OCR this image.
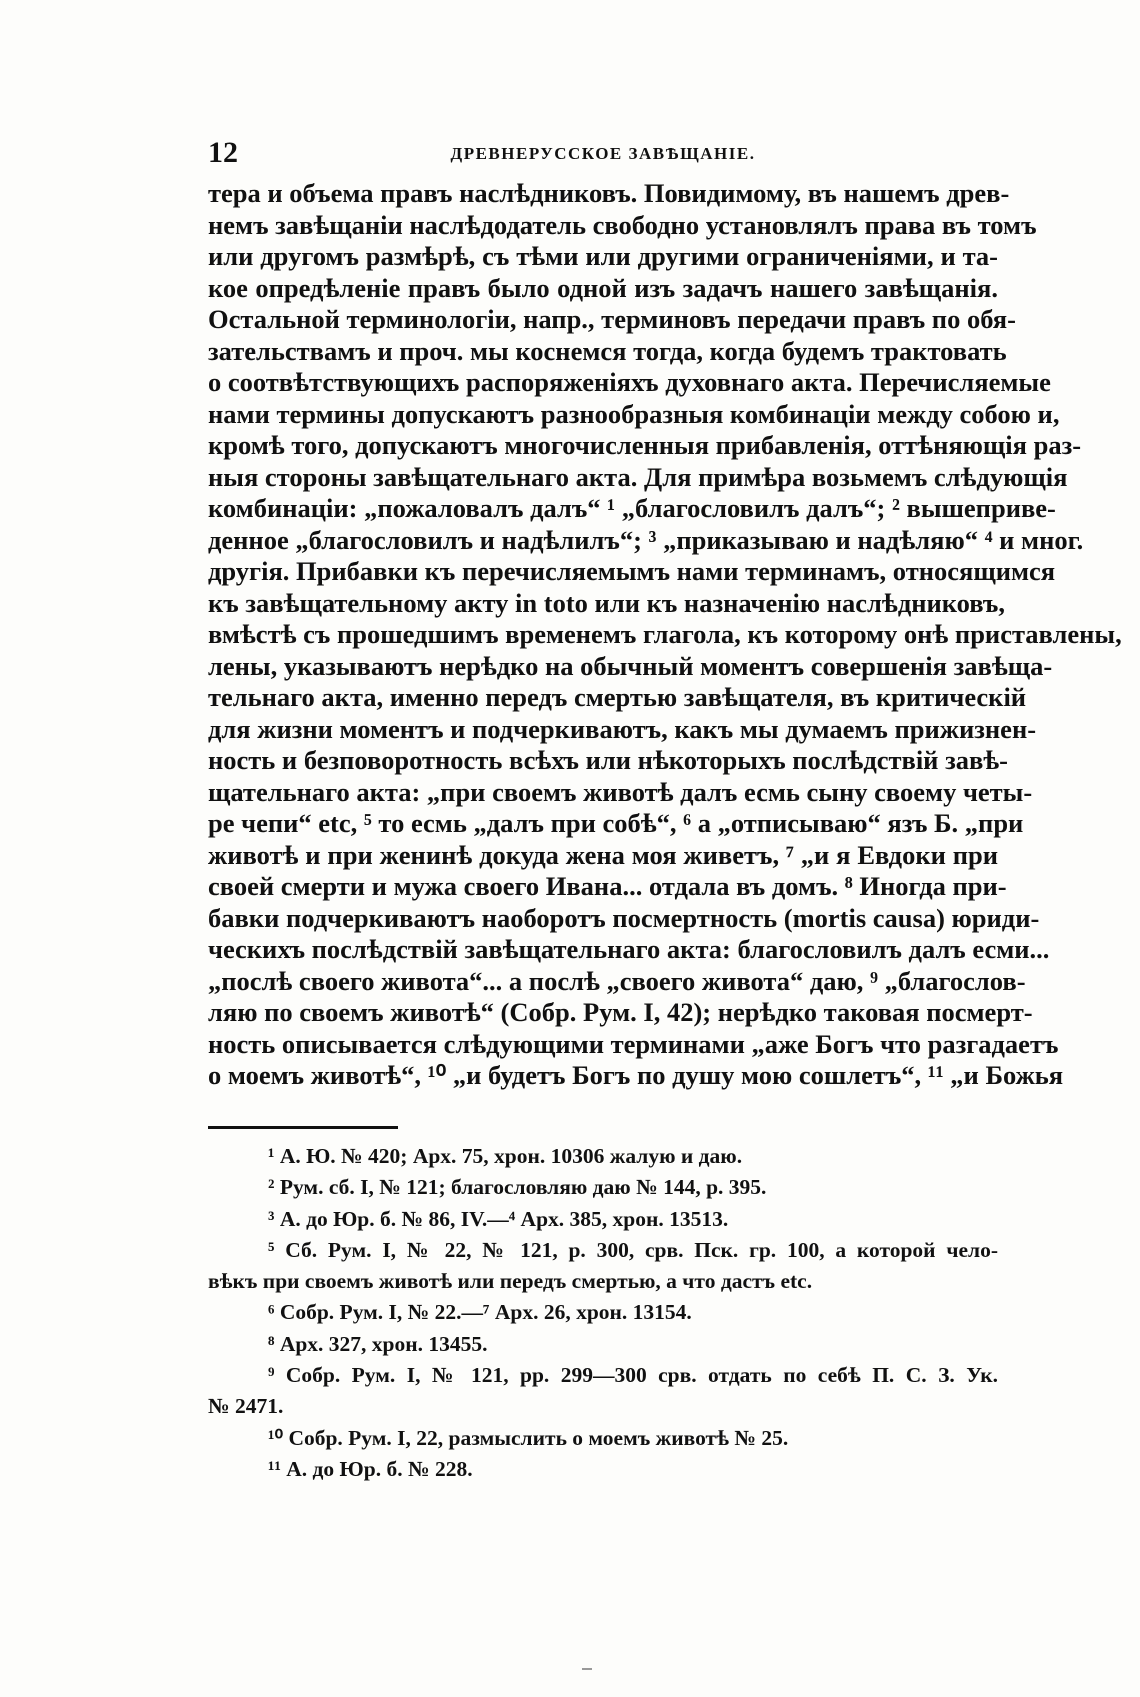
12	ДРЕВНЕРУССКОЕ ЗАВѢЩАНІЕ.
тера и объема правъ наслѣдниковъ. Повидимому, въ нашемъ древ-
немъ завѣщаніи наслѣдодатель свободно установлялъ права въ томъ
или другомъ размѣрѣ, съ тѣми или другими ограниченіями, и та-
кое опредѣленіе правъ было одной изъ задачъ нашего завѣщанія.
Остальной терминологіи, напр., терминовъ передачи правъ по обя-
зательствамъ и проч. мы коснемся тогда, когда будемъ трактовать
о соотвѣтствующихъ распоряженіяхъ духовнаго акта. Перечисляемые
нами термины допускаютъ разнообразныя комбинаціи между собою и,
кромѣ того, допускаютъ многочисленныя прибавленія, оттѣняющія раз-
ныя стороны завѣщательнаго акта. Для примѣра возьмемъ слѣдующія
комбинаціи: „пожаловалъ далъ“ ¹ „благословилъ далъ“; ² вышеприве-
денное „благословилъ и надѣлилъ“; ³ „приказываю и надѣляю“ ⁴ и мног.
другія. Прибавки къ перечисляемымъ нами терминамъ, относящимся
къ завѣщательному акту in toto или къ назначенію наслѣдниковъ,
вмѣстѣ съ прошедшимъ временемъ глагола, къ которому онѣ приставлены,
лены, указываютъ нерѣдко на обычный моментъ совершенія завѣща-
тельнаго акта, именно передъ смертью завѣщателя, въ критическій
для жизни моментъ и подчеркиваютъ, какъ мы думаемъ прижизнен-
ность и безповоротность всѣхъ или нѣкоторыхъ послѣдствій завѣ-
щательнаго акта: „при своемъ животѣ далъ есмь сыну своему четы-
ре чепи“ etc, ⁵ то есмь „далъ при собѣ“, ⁶ а „отписываю“ язъ Б. „при
животѣ и при жeнинѣ докуда жена моя живетъ, ⁷ „и я Евдоки при
своей смерти и мужа своего Ивана... отдала въ домъ. ⁸ Иногда при-
бавки подчеркиваютъ наоборотъ посмертность (mortis causa) юриди-
ческихъ послѣдствій завѣщательнаго акта: благословилъ далъ есми...
„послѣ своего живота“... а послѣ „своего живота“ даю, ⁹ „благослов-
ляю по своемъ животѣ“ (Собр. Рум. I, 42); нерѣдко таковая посмерт-
ность описывается слѣдующими терминами „аже Богъ что разгадаетъ
о моемъ животѣ“, ¹⁰ „и будетъ Богъ по душу мою сошлетъ“, ¹¹ „и Божья
¹ А. Ю. № 420; Арх. 75, хрон. 10306 жалую и даю.
² Рум. сб. I, № 121; благословляю даю № 144, р. 395.
³ А. до Юр. б. № 86, IV.—⁴ Арх. 385, хрон. 13513.
⁵ Сб. Рум. I, № 22, № 121, р. 300, срв. Пск. гр. 100, а которой чело-
вѣкъ при своемъ животѣ или передъ смертью, а что дастъ etc.
⁶ Собр. Рум. I, № 22.—⁷ Арх. 26, хрон. 13154.
⁸ Арх. 327, хрон. 13455.
⁹ Собр. Рум. I, № 121, рр. 299—300 срв. отдать по себѣ П. С. З. Ук.
№ 2471.
¹⁰ Собр. Рум. I, 22, размыслить о моемъ животѣ № 25.
¹¹ А. до Юр. б. № 228.
